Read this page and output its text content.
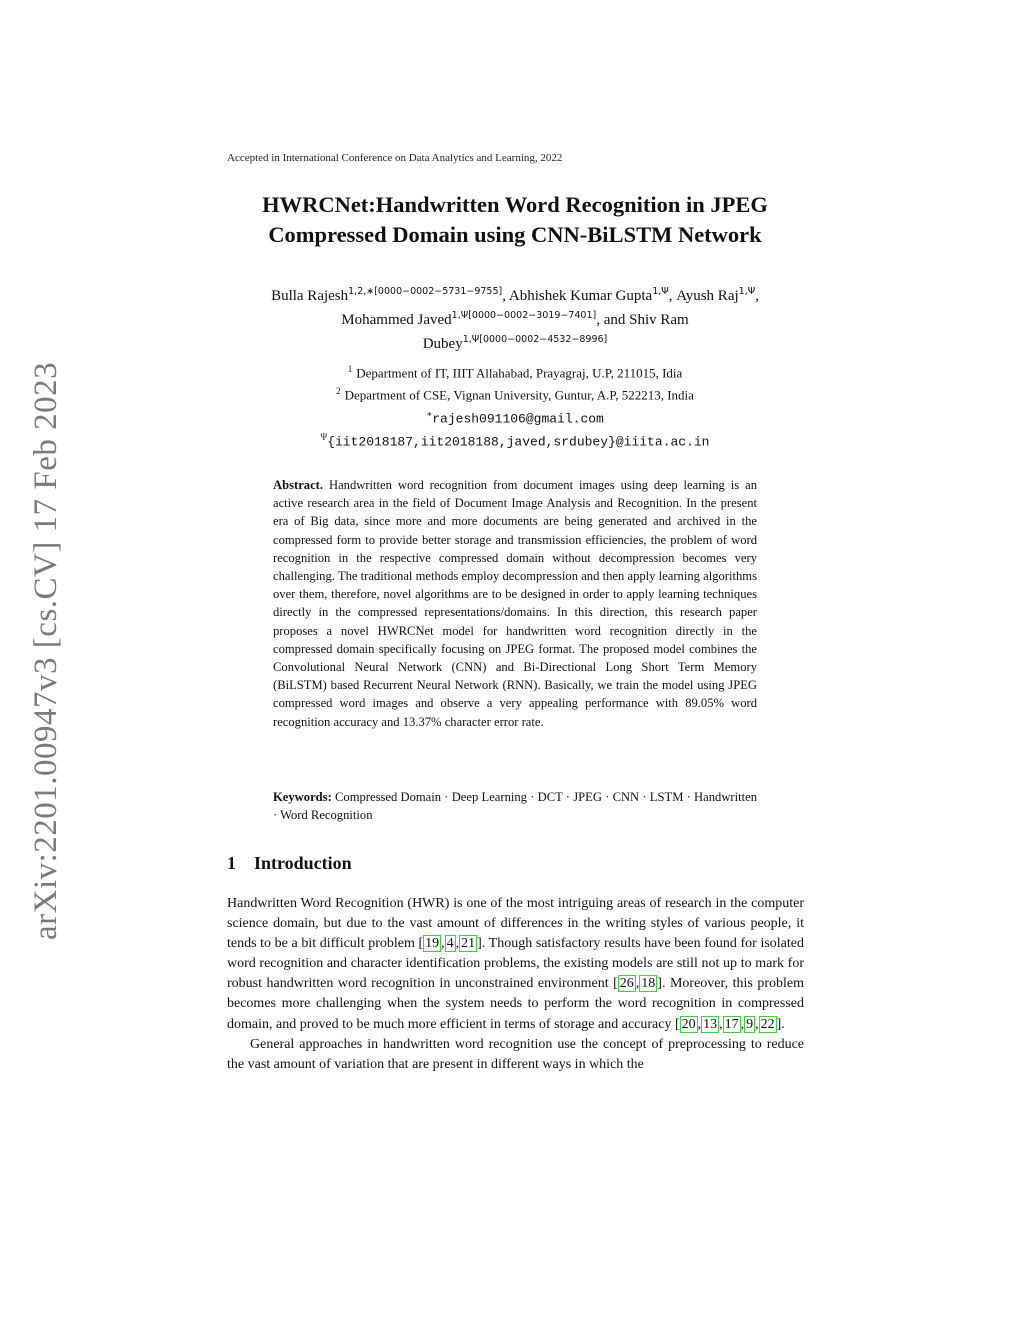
arXiv:2201.00947v3 [cs.CV] 17 Feb 2023
Accepted in International Conference on Data Analytics and Learning, 2022
HWRCNet:Handwritten Word Recognition in JPEG
Compressed Domain using CNN-BiLSTM Network
Bulla Rajesh$^{1,2,∗[0000-0002-5731-9755]}$, Abhishek Kumar Gupta$^{1,\Psi}$, Ayush Raj$^{1,\Psi}$,
Mohammed Javed$^{1,\Psi[0000-0002-3019-7401]}$, and Shiv Ram
Dubey$^{1,\Psi[0000-0002-4532-8996]}$
$^1$ Department of IT, IIIT Allahabad, Prayagraj, U.P, 211015, Idia
$^2$ Department of CSE, Vignan University, Guntur, A.P, 522213, India
∗rajesh091106@gmail.com
$^\Psi${iit2018187,iit2018188,javed,srdubey}@iiita.ac.in
Abstract. Handwritten word recognition from document images using deep learning is an active research area in the field of Document Image Analysis and Recognition. In the present era of Big data, since more and more documents are being generated and archived in the compressed form to provide better storage and transmission efficiencies, the problem of word recognition in the respective compressed domain without decompression becomes very challenging. The traditional methods employ decompression and then apply learning algorithms over them, therefore, novel algorithms are to be designed in order to apply learning techniques directly in the compressed representations/domains. In this direction, this research paper proposes a novel HWRCNet model for handwritten word recognition directly in the compressed domain specifically focusing on JPEG format. The proposed model combines the Convolutional Neural Network (CNN) and Bi-Directional Long Short Term Memory (BiLSTM) based Recurrent Neural Network (RNN). Basically, we train the model using JPEG compressed word images and observe a very appealing performance with 89.05% word recognition accuracy and 13.37% character error rate.
Keywords: Compressed Domain · Deep Learning · DCT · JPEG · CNN · LSTM · Handwritten · Word Recognition
1 Introduction

Handwritten Word Recognition (HWR) is one of the most intriguing areas of research in the computer science domain, but due to the vast amount of differences in the writing styles of various people, it tends to be a bit difficult problem [ 19 , 4 , 21 ]. Though satisfactory results have been found for isolated word recognition and character identification problems, the existing models are still not up to mark for robust handwritten word recognition in unconstrained environment [ 26 , 18 ]. Moreover, this problem becomes more challenging when the system needs to perform the word recognition in compressed domain, and proved to be much more efficient in terms of storage and accuracy [ 20 , 13 , 17 , 9 , 22 ].

General approaches in handwritten word recognition use the concept of preprocessing to reduce the vast amount of variation that are present in different ways in which the
